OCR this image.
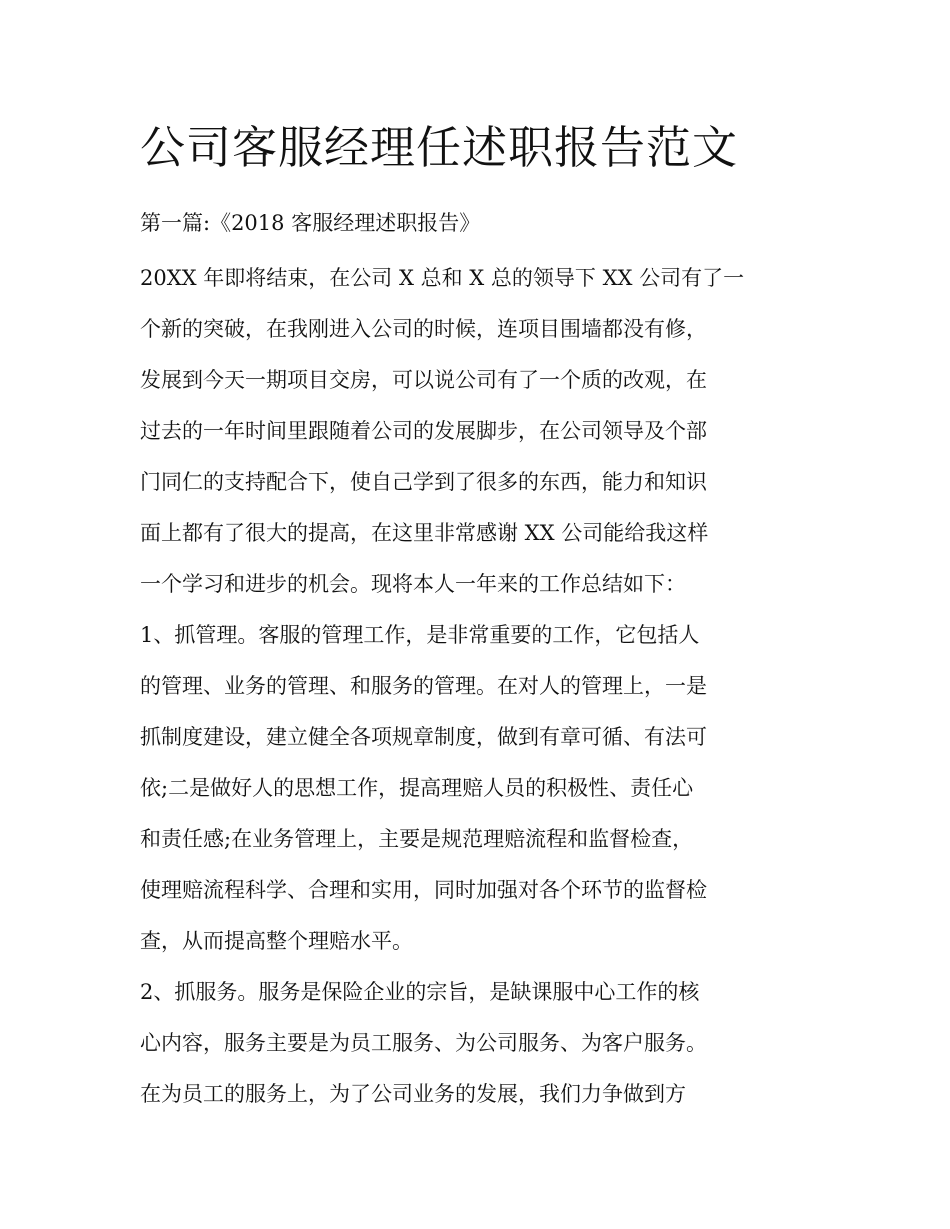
公司客服经理任述职报告范文
第一篇:《2018 客服经理述职报告》
20XX 年即将结束，在公司 X 总和 X 总的领导下 XX 公司有了一
个新的突破，在我刚进入公司的时候，连项目围墙都没有修，
发展到今天一期项目交房，可以说公司有了一个质的改观，在
过去的一年时间里跟随着公司的发展脚步，在公司领导及个部
门同仁的支持配合下，使自己学到了很多的东西，能力和知识
面上都有了很大的提高，在这里非常感谢 XX 公司能给我这样
一个学习和进步的机会。现将本人一年来的工作总结如下：
1、抓管理。客服的管理工作，是非常重要的工作，它包括人
的管理、业务的管理、和服务的管理。在对人的管理上，一是
抓制度建设，建立健全各项规章制度，做到有章可循、有法可
依;二是做好人的思想工作，提高理赔人员的积极性、责任心
和责任感;在业务管理上，主要是规范理赔流程和监督检查，
使理赔流程科学、合理和实用，同时加强对各个环节的监督检
查，从而提高整个理赔水平。
2、抓服务。服务是保险企业的宗旨，是缺课服中心工作的核
心内容，服务主要是为员工服务、为公司服务、为客户服务。
在为员工的服务上，为了公司业务的发展，我们力争做到方
